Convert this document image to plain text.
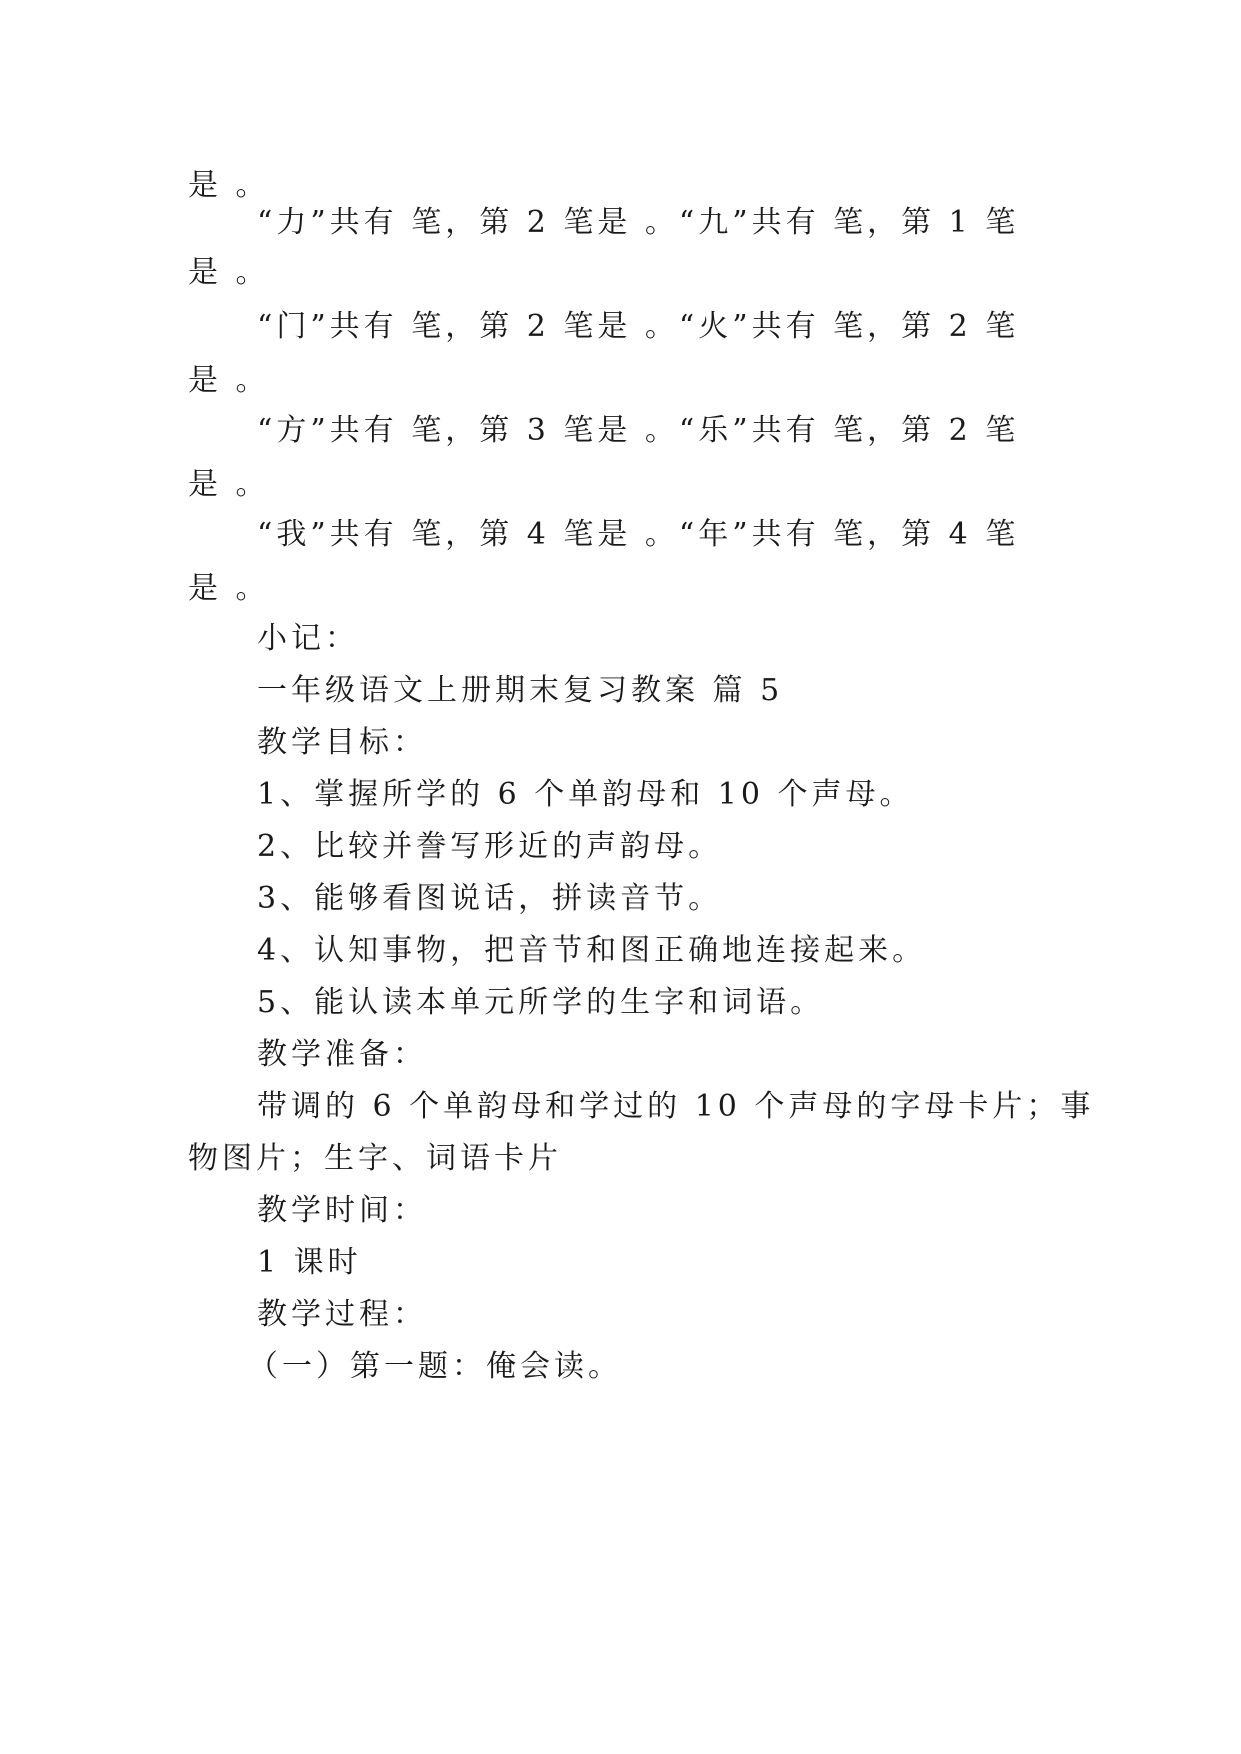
是 。
“力”共有 笔，第 2 笔是 。“九”共有 笔，第 1 笔
是 。
“门”共有 笔，第 2 笔是 。“火”共有 笔，第 2 笔
是 。
“方”共有 笔，第 3 笔是 。“乐”共有 笔，第 2 笔
是 。
“我”共有 笔，第 4 笔是 。“年”共有 笔，第 4 笔
是 。
小记：
一年级语文上册期末复习教案 篇 5
教学目标：
1、掌握所学的 6 个单韵母和 10 个声母。
2、比较并誊写形近的声韵母。
3、能够看图说话，拼读音节。
4、认知事物，把音节和图正确地连接起来。
5、能认读本单元所学的生字和词语。
教学准备：
带调的 6 个单韵母和学过的 10 个声母的字母卡片；事
物图片；生字、词语卡片
教学时间：
1 课时
教学过程：
（一）第一题：俺会读。
